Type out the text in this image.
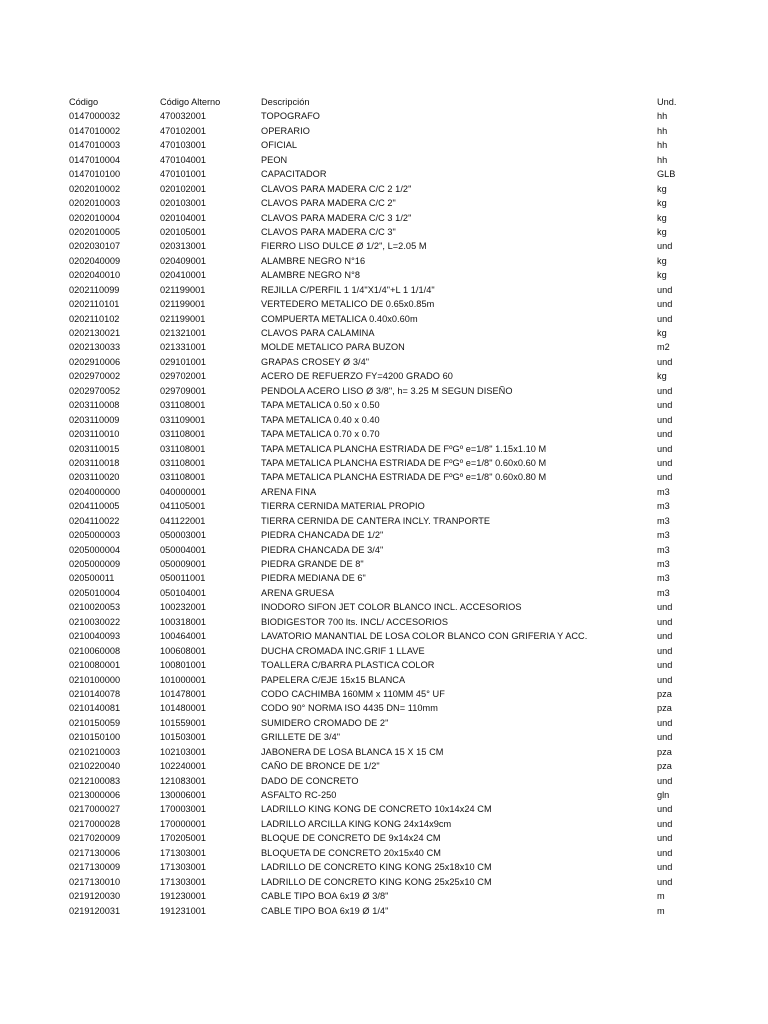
Código	Código Alterno	Descripción	Und.
0147000032	470032001	TOPOGRAFO	hh
0147010002	470102001	OPERARIO	hh
0147010003	470103001	OFICIAL	hh
0147010004	470104001	PEON	hh
0147010100	470101001	CAPACITADOR	GLB
0202010002	020102001	CLAVOS PARA MADERA C/C 2 1/2"	kg
0202010003	020103001	CLAVOS PARA MADERA C/C 2"	kg
0202010004	020104001	CLAVOS PARA MADERA C/C 3 1/2"	kg
0202010005	020105001	CLAVOS PARA MADERA C/C 3"	kg
0202030107	020313001	FIERRO LISO DULCE Ø 1/2", L=2.05 M	und
0202040009	020409001	ALAMBRE NEGRO N°16	kg
0202040010	020410001	ALAMBRE NEGRO N°8	kg
0202110099	021199001	REJILLA C/PERFIL 1 1/4"X1/4"+L 1 1/1/4"	und
0202110101	021199001	VERTEDERO METALICO DE 0.65x0.85m	und
0202110102	021199001	COMPUERTA METALICA 0.40x0.60m	und
0202130021	021321001	CLAVOS PARA CALAMINA	kg
0202130033	021331001	MOLDE METALICO PARA BUZON	m2
0202910006	029101001	GRAPAS CROSEY Ø 3/4"	und
0202970002	029702001	ACERO DE REFUERZO FY=4200 GRADO 60	kg
0202970052	029709001	PENDOLA ACERO LISO Ø 3/8", h= 3.25 M SEGUN DISEÑO	und
0203110008	031108001	TAPA METALICA 0.50 x 0.50	und
0203110009	031109001	TAPA METALICA 0.40 x 0.40	und
0203110010	031108001	TAPA METALICA 0.70 x 0.70	und
0203110015	031108001	TAPA METALICA PLANCHA ESTRIADA DE FºGº e=1/8" 1.15x1.10 M	und
0203110018	031108001	TAPA METALICA PLANCHA ESTRIADA DE FºGº e=1/8" 0.60x0.60 M	und
0203110020	031108001	TAPA METALICA PLANCHA ESTRIADA DE FºGº e=1/8" 0.60x0.80 M	und
0204000000	040000001	ARENA FINA	m3
0204110005	041105001	TIERRA CERNIDA MATERIAL PROPIO	m3
0204110022	041122001	TIERRA CERNIDA DE CANTERA INCLY. TRANPORTE	m3
0205000003	050003001	PIEDRA CHANCADA DE 1/2"	m3
0205000004	050004001	PIEDRA CHANCADA DE 3/4"	m3
0205000009	050009001	PIEDRA GRANDE DE 8"	m3
020500011	050011001	PIEDRA MEDIANA DE 6"	m3
0205010004	050104001	ARENA GRUESA	m3
0210020053	100232001	INODORO SIFON JET COLOR BLANCO INCL. ACCESORIOS	und
0210030022	100318001	BIODIGESTOR 700 lts. INCL/ ACCESORIOS	und
0210040093	100464001	LAVATORIO MANANTIAL DE LOSA COLOR BLANCO CON GRIFERIA Y ACC.	und
0210060008	100608001	DUCHA CROMADA INC.GRIF 1 LLAVE	und
0210080001	100801001	TOALLERA C/BARRA PLASTICA COLOR	und
0210100000	101000001	PAPELERA C/EJE 15x15 BLANCA	und
0210140078	101478001	CODO CACHIMBA 160MM x 110MM 45° UF	pza
0210140081	101480001	CODO 90° NORMA ISO 4435 DN= 110mm	pza
0210150059	101559001	SUMIDERO CROMADO DE 2"	und
0210150100	101503001	GRILLETE DE 3/4"	und
0210210003	102103001	JABONERA DE LOSA BLANCA 15 X 15 CM	pza
0210220040	102240001	CAÑO DE BRONCE DE 1/2"	pza
0212100083	121083001	DADO DE CONCRETO	und
0213000006	130006001	ASFALTO RC-250	gln
0217000027	170003001	LADRILLO KING KONG DE CONCRETO 10x14x24 CM	und
0217000028	170000001	LADRILLO ARCILLA KING KONG 24x14x9cm	und
0217020009	170205001	BLOQUE DE CONCRETO DE 9x14x24 CM	und
0217130006	171303001	BLOQUETA DE CONCRETO 20x15x40 CM	und
0217130009	171303001	LADRILLO DE CONCRETO KING KONG 25x18x10 CM	und
0217130010	171303001	LADRILLO DE CONCRETO KING KONG 25x25x10 CM	und
0219120030	191230001	CABLE TIPO BOA 6x19 Ø 3/8"	m
0219120031	191231001	CABLE TIPO BOA 6x19 Ø 1/4"	m
